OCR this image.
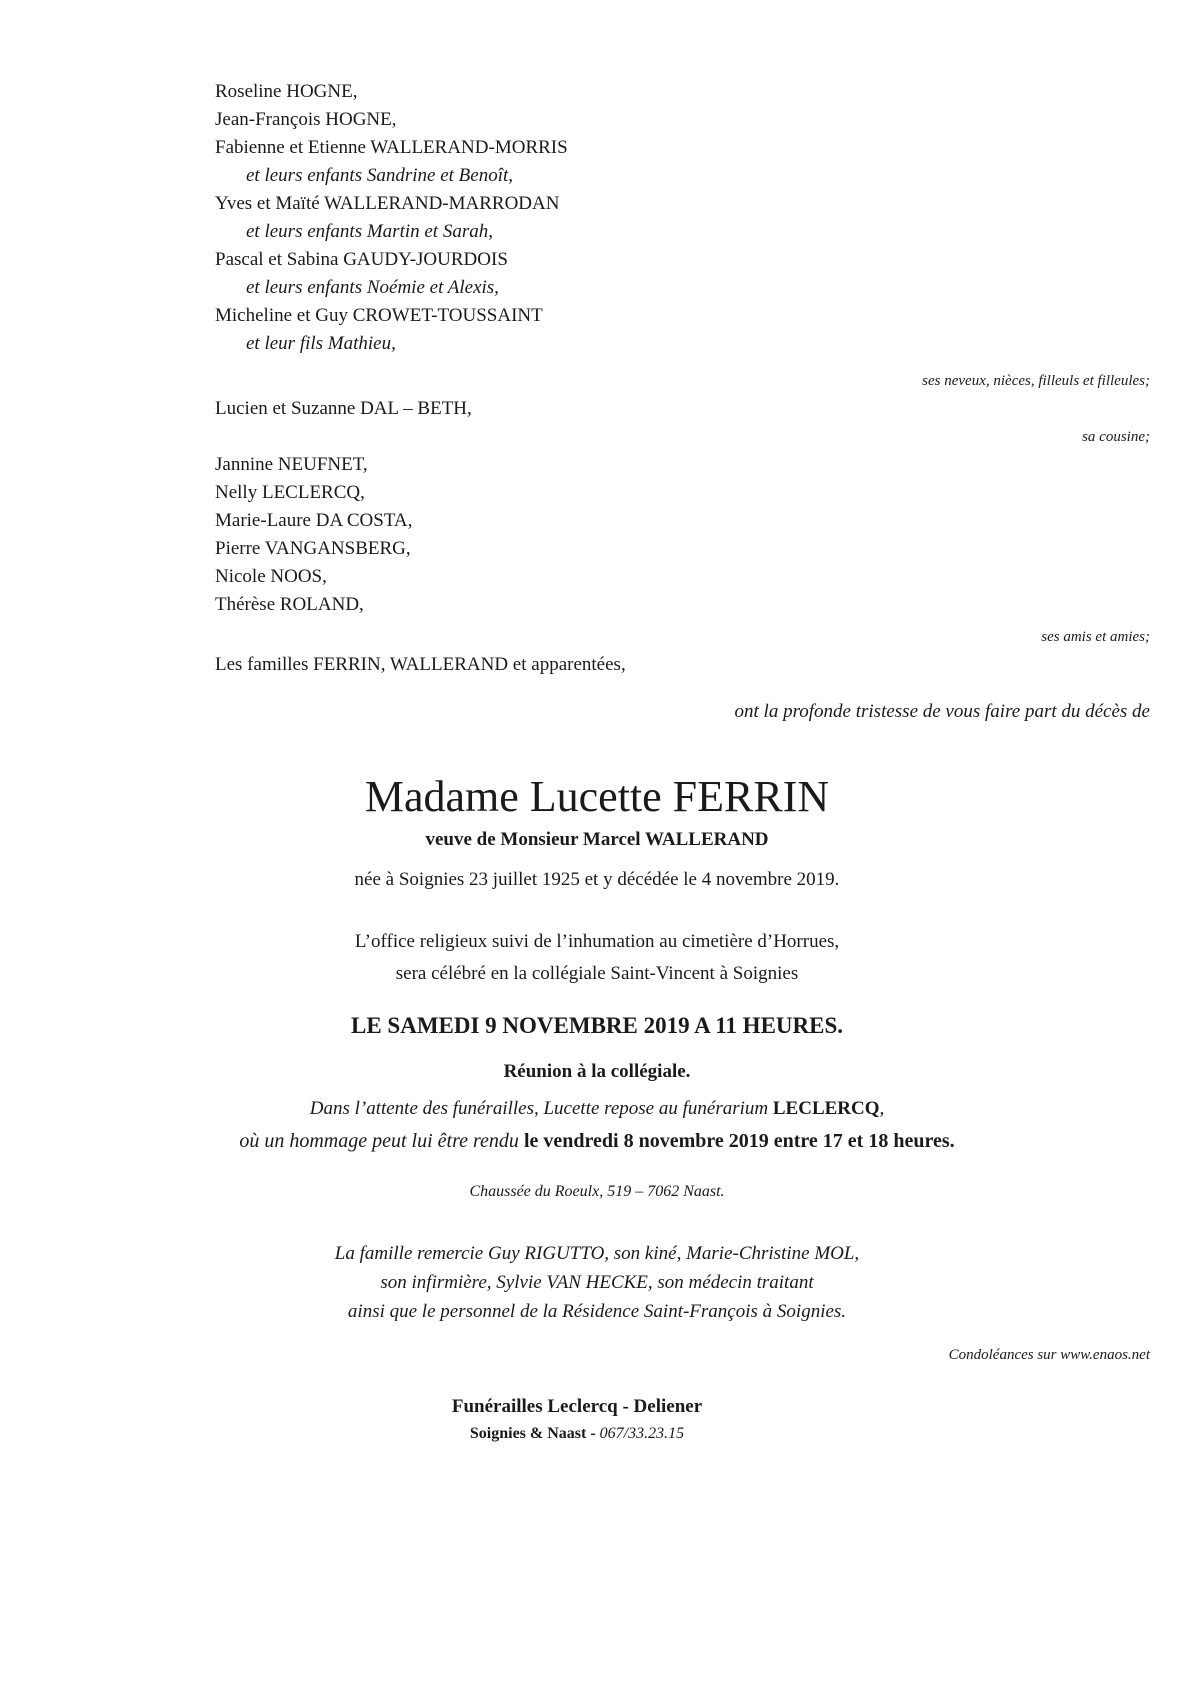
Roseline HOGNE,
Jean-François HOGNE,
Fabienne et Etienne WALLERAND-MORRIS
et leurs enfants Sandrine et Benoît,
Yves et Maïté WALLERAND-MARRODAN
et leurs enfants Martin et Sarah,
Pascal et Sabina GAUDY-JOURDOIS
et leurs enfants Noémie et Alexis,
Micheline et Guy CROWET-TOUSSAINT
et leur fils Mathieu,
ses neveux, nièces, filleuls et filleules;
Lucien et Suzanne DAL – BETH,
sa cousine;
Jannine NEUFNET,
Nelly LECLERCQ,
Marie-Laure DA COSTA,
Pierre VANGANSBERG,
Nicole NOOS,
Thérèse ROLAND,
ses amis et amies;
Les familles FERRIN, WALLERAND et apparentées,
ont la profonde tristesse de vous faire part du décès de
Madame Lucette FERRIN
veuve de Monsieur Marcel WALLERAND
née à Soignies 23 juillet 1925 et y décédée le 4 novembre 2019.
L’office religieux suivi de l’inhumation au cimetière d’Horrues,
sera célébré en la collégiale Saint-Vincent à Soignies
LE SAMEDI 9 NOVEMBRE 2019 A 11 HEURES.
Réunion à la collégiale.
Dans l’attente des funérailles, Lucette repose au funérarium LECLERCQ,
où un hommage peut lui être rendu le vendredi 8 novembre 2019 entre 17 et 18 heures.
Chaussée du Roeulx, 519 – 7062 Naast.
La famille remercie Guy RIGUTTO, son kiné, Marie-Christine MOL,
son infirmière, Sylvie VAN HECKE, son médecin traitant
ainsi que le personnel de la Résidence Saint-François à Soignies.
Condoléances sur www.enaos.net
Funérailles Leclercq - Deliener
Soignies & Naast - 067/33.23.15
